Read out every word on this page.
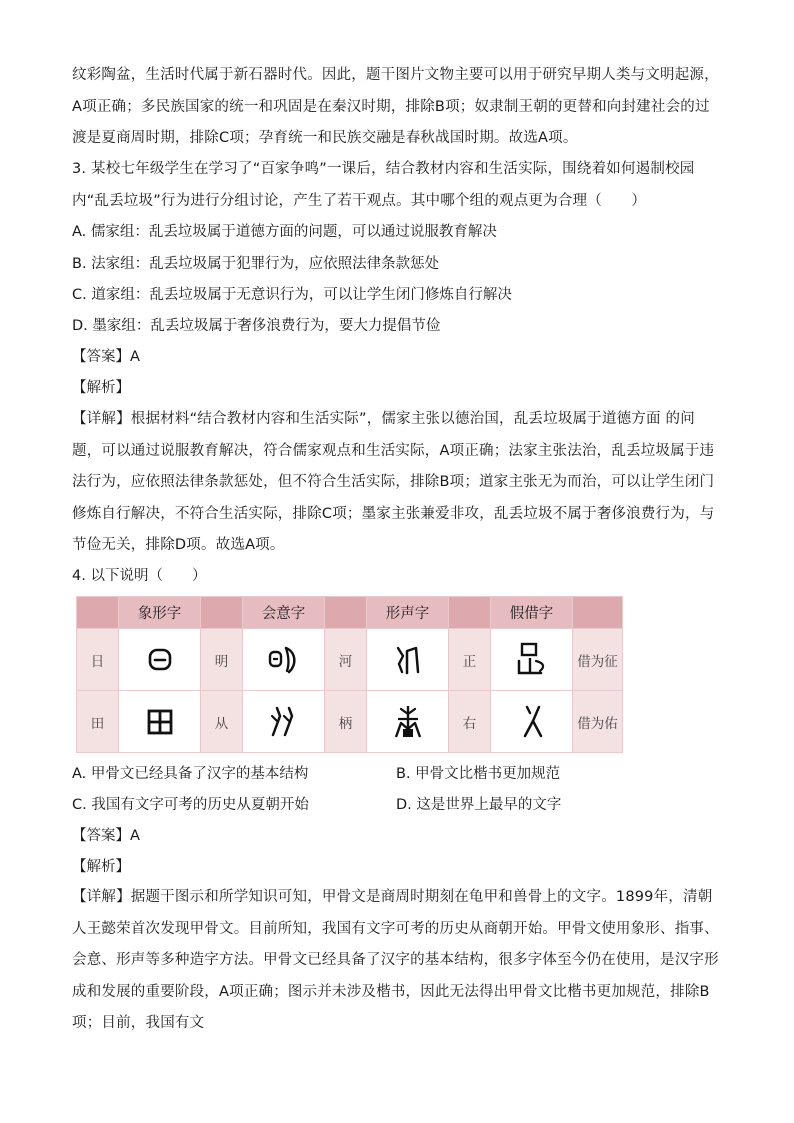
纹彩陶盆，生活时代属于新石器时代。因此，题干图片文物主要可以用于研究早期人类与文明起源，A项正确；多民族国家的统一和巩固是在秦汉时期，排除B项；奴隶制王朝的更替和向封建社会的过渡是夏商周时期，排除C项；孕育统一和民族交融是春秋战国时期。故选A项。
3. 某校七年级学生在学习了“百家争鸣”一课后，结合教材内容和生活实际，围绕着如何遏制校园内“乱丢垃圾”行为进行分组讨论，产生了若干观点。其中哪个组的观点更为合理（　　）
A. 儒家组：乱丢垃圾属于道德方面的问题，可以通过说服教育解决
B. 法家组：乱丢垃圾属于犯罪行为，应依照法律条款惩处
C. 道家组：乱丢垃圾属于无意识行为，可以让学生闭门修炼自行解决
D. 墨家组：乱丢垃圾属于奢侈浪费行为，要大力提倡节俭
【答案】A
【解析】
【详解】根据材料“结合教材内容和生活实际”，儒家主张以德治国，乱丢垃圾属于道德方面 的问题，可以通过说服教育解决，符合儒家观点和生活实际，A项正确；法家主张法治，乱丢垃圾属于违法行为，应依照法律条款惩处，但不符合生活实际，排除B项；道家主张无为而治，可以让学生闭门修炼自行解决，不符合生活实际，排除C项；墨家主张兼爱非攻，乱丢垃圾不属于奢侈浪费行为，与节俭无关，排除D项。故选A项。
4. 以下说明（　　）
	象形字		会意字		形声字		假借字	
日		明		河		正		借为征
田		从		柄		右		借为佑
A. 甲骨文已经具备了汉字的基本结构	B. 甲骨文比楷书更加规范
C. 我国有文字可考的历史从夏朝开始	D. 这是世界上最早的文字
【答案】A
【解析】
【详解】据题干图示和所学知识可知，甲骨文是商周时期刻在龟甲和兽骨上的文字。1899年，清朝人王懿荣首次发现甲骨文。目前所知，我国有文字可考的历史从商朝开始。甲骨文使用象形、指事、会意、形声等多种造字方法。甲骨文已经具备了汉字的基本结构，很多字体至今仍在使用，是汉字形成和发展的重要阶段，A项正确；图示并未涉及楷书，因此无法得出甲骨文比楷书更加规范，排除B项；目前，我国有文
